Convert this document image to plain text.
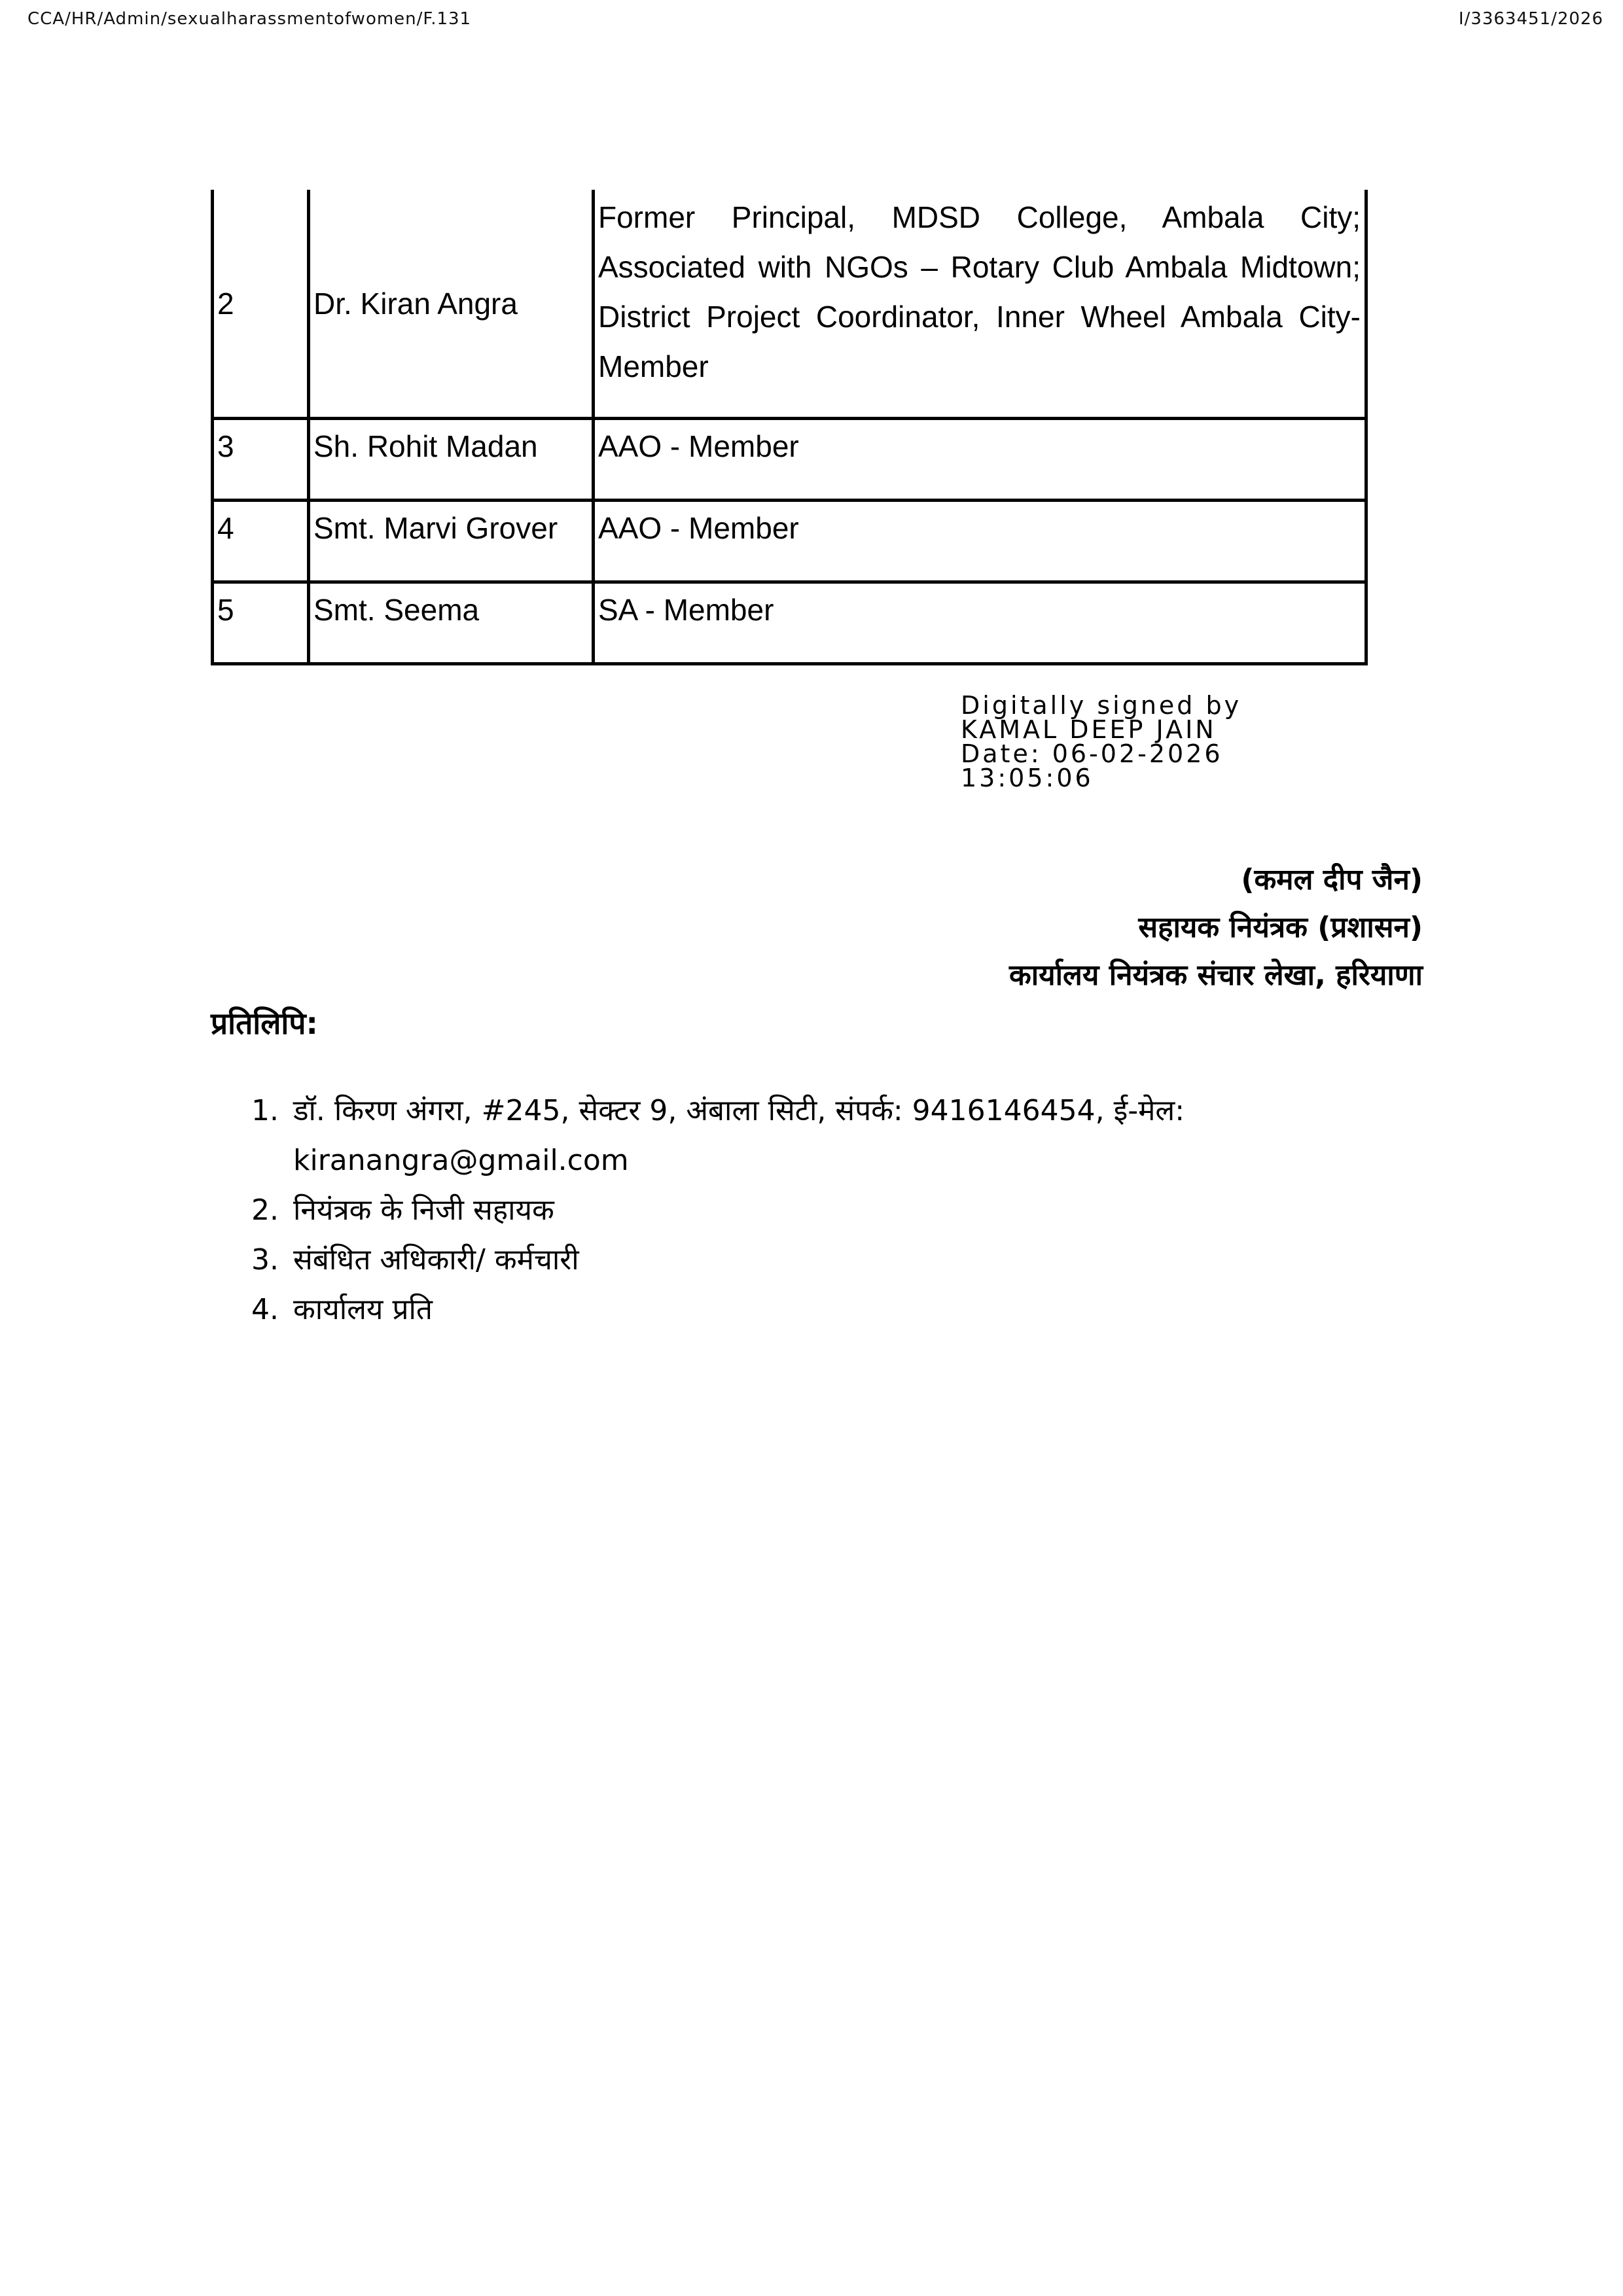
CCA/HR/Admin/sexualharassmentofwomen/F.131	I/3363451/2026
2	Dr. Kiran Angra	Former Principal, MDSD College, Ambala City; Associated with NGOs – Rotary Club Ambala Midtown; District Project Coordinator, Inner Wheel Ambala City-Member
3	Sh. Rohit Madan	AAO - Member
4	Smt. Marvi Grover	AAO - Member
5	Smt. Seema	SA - Member
Digitally signed by
KAMAL DEEP JAIN
Date: 06-02-2026
13:05:06
(कमल दीप जैन)
सहायक नियंत्रक (प्रशासन)
कार्यालय नियंत्रक संचार लेखा, हरियाणा
प्रतिलिपि:
1. डॉ. किरण अंगरा, #245, सेक्टर 9, अंबाला सिटी, संपर्क: 9416146454, ई-मेल: kiranangra@gmail.com
2. नियंत्रक के निजी सहायक
3. संबंधित अधिकारी/ कर्मचारी
4. कार्यालय प्रति
